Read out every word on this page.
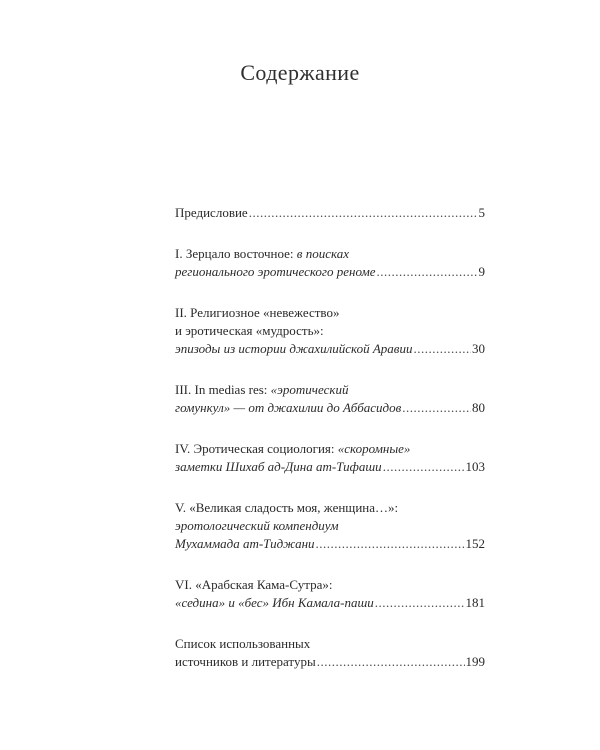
Содержание
Предисловие .....	5
I. Зерцало восточное: в поисках
регионального эротического реноме .....	9
II. Религиозное «невежество»
и эротическая «мудрость»:
эпизоды из истории джахилийской Аравии .....	30
III. In medias res: «эротический
гомункул» — от джахилии до Аббасидов .....	80
IV. Эротическая социология: «скоромные»
заметки Шихаб ад-Дина ат-Тифаши .....	103
V. «Великая сладость моя, женщина…»:
эротологический компендиум
Мухаммада ат-Тиджани .....	152
VI. «Арабская Кама-Сутра»:
«седина» и «бес» Ибн Камала-паши .....	181
Список использованных
источников и литературы .....	199
